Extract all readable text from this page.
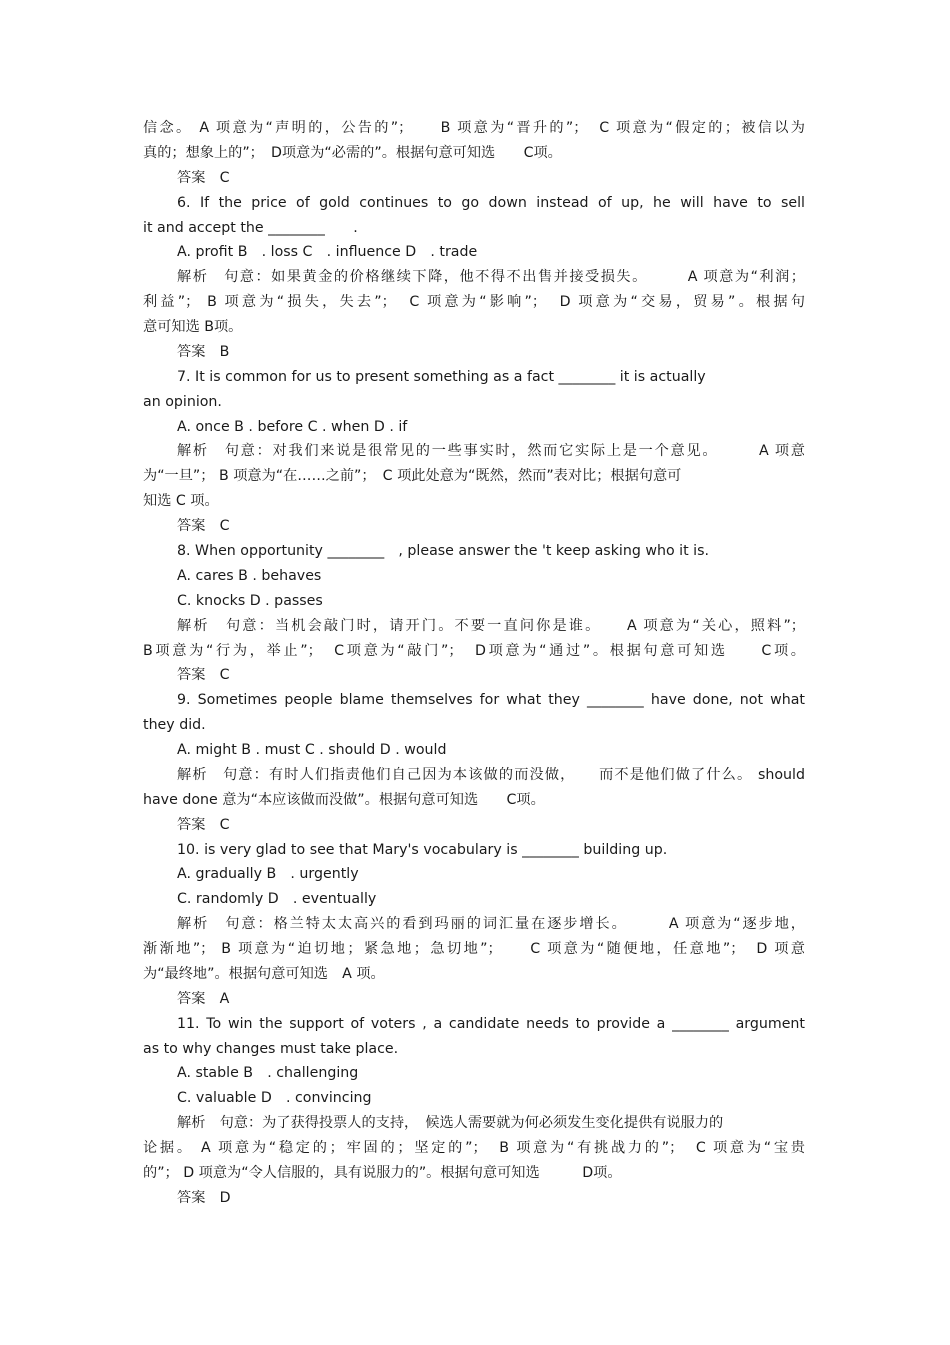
信念。 A 项意为“声明的，公告的”；　　B 项意为“晋升的”；　C 项意为“假定的；被信以为
真的；想象上的”；　D项意为“必需的”。根据句意可知选　　C项。
答案　C
6. If the price of gold continues to go down instead of up, he will have to sell
it and accept the ________　　.
A. profit B　. loss C　. influence D　. trade
解析　句意：如果黄金的价格继续下降，他不得不出售并接受损失。　　　A 项意为“利润；
利益”； B 项意为“损失，失去”；　C 项意为“影响”；　D 项意为“交易，贸易”。根据句
意可知选 B项。
答案　B
7. It is common for us to present something as a fact ________ it is actually
an opinion.
A. once B . before C . when D . if
解析　句意：对我们来说是很常见的一些事实时，然而它实际上是一个意见。　　　A 项意
为“一旦”； B 项意为“在……之前”；　C 项此处意为“既然，然而”表对比；根据句意可
知选 C 项。
答案　C
8. When opportunity ________　, please answer the 't keep asking who it is.
A. cares B . behaves
C. knocks D . passes
解析　句意：当机会敲门时，请开门。不要一直问你是谁。　　A 项意为“关心，照料”；
B项意为“行为，举止”；　C项意为“敲门”；　D项意为“通过”。根据句意可知选　　C项。
答案　C
9. Sometimes people blame themselves for what they ________ have done, not what
they did.
A. might B . must C . should D . would
解析　句意：有时人们指责他们自己因为本该做的而没做，　　而不是他们做了什么。 should
have done 意为“本应该做而没做”。根据句意可知选　　C项。
答案　C
10. is very glad to see that Mary's vocabulary is ________ building up.
A. gradually B　. urgently
C. randomly D　. eventually
解析　句意：格兰特太太高兴的看到玛丽的词汇量在逐步增长。　　　A 项意为“逐步地，
渐渐地”； B 项意为“迫切地；紧急地；急切地”；　　C 项意为“随便地，任意地”；　D 项意
为“最终地”。根据句意可知选　A 项。
答案　A
11. To win the support of voters , a candidate needs to provide a ________ argument
as to why changes must take place.
A. stable B　. challenging
C. valuable D　. convincing
解析　句意：为了获得投票人的支持，　候选人需要就为何必须发生变化提供有说服力的
论据。 A 项意为“稳定的；牢固的；坚定的”；　B 项意为“有挑战力的”；　C 项意为“宝贵
的”； D 项意为“令人信服的，具有说服力的”。根据句意可知选　　　D项。
答案　D
